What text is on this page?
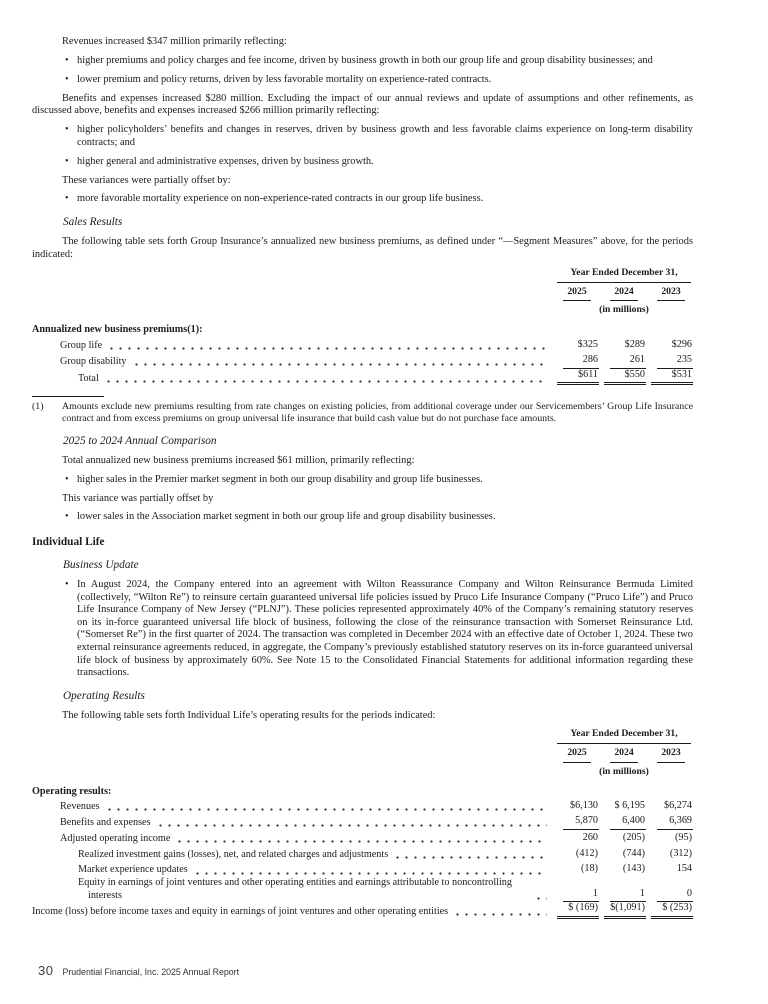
Revenues increased $347 million primarily reflecting:

•

higher premiums and policy charges and fee income, driven by business growth in both our group life and group disability businesses; and

•

lower premium and policy returns, driven by less favorable mortality on experience-rated contracts.

Benefits and expenses increased $280 million. Excluding the impact of our annual reviews and update of assumptions and other refinements, as discussed above, benefits and expenses increased $266 million primarily reflecting:

•

higher policyholders’ benefits and changes in reserves, driven by business growth and less favorable claims experience on long-term disability contracts; and

•

higher general and administrative expenses, driven by business growth.

These variances were partially offset by:

•

more favorable mortality experience on non-experience-rated contracts in our group life business.

Sales Results

The following table sets forth Group Insurance’s annualized new business premiums, as defined under “—Segment Measures” above, for the periods indicated:

Year Ended December 31,
2025	2024	2023
(in millions)
Annualized new business premiums(1):
Group life	$325	$289	$296
Group disability	286	261	235
Total	$611	$550	$531
(1)	Amounts exclude new premiums resulting from rate changes on existing policies, from additional coverage under our Servicemembers’ Group Life Insurance contract and from excess premiums on group universal life insurance that build cash value but do not purchase face amounts.

2025 to 2024 Annual Comparison

Total annualized new business premiums increased $61 million, primarily reflecting:

•

higher sales in the Premier market segment in both our group disability and group life businesses.

This variance was partially offset by

•

lower sales in the Association market segment in both our group life and group disability businesses.

Individual Life
Business Update
•

In August 2024, the Company entered into an agreement with Wilton Reassurance Company and Wilton Reinsurance Bermuda Limited (collectively, “Wilton Re”) to reinsure certain guaranteed universal life policies issued by Pruco Life Insurance Company (“Pruco Life”) and Pruco Life Insurance Company of New Jersey (“PLNJ”). These policies represented approximately 40% of the Company’s remaining statutory reserves on its in-force guaranteed universal life block of business, following the close of the reinsurance transaction with Somerset Reinsurance Ltd. (“Somerset Re”) in the first quarter of 2024. The transaction was completed in December 2024 with an effective date of October 1, 2024. These two external reinsurance agreements reduced, in aggregate, the Company’s previously established statutory reserves on its in-force guaranteed universal life block of business by approximately 60%. See Note 15 to the Consolidated Financial Statements for additional information regarding these transactions.

Operating Results

The following table sets forth Individual Life’s operating results for the periods indicated:

Year Ended December 31,
2025	2024	2023
(in millions)
Operating results:
Revenues	$6,130	$ 6,195	$6,274
Benefits and expenses	5,870	6,400	6,369
Adjusted operating income	260	(205)	(95)
Realized investment gains (losses), net, and related charges and adjustments	(412)	(744)	(312)
Market experience updates	(18)	(143)	154
Equity in earnings of joint ventures and other operating entities and earnings attributable to noncontrolling interests	1	1	0
Income (loss) before income taxes and equity in earnings of joint ventures and other operating entities	$ (169)	$(1,091)	$ (253)
30 Prudential Financial, Inc. 2025 Annual Report
